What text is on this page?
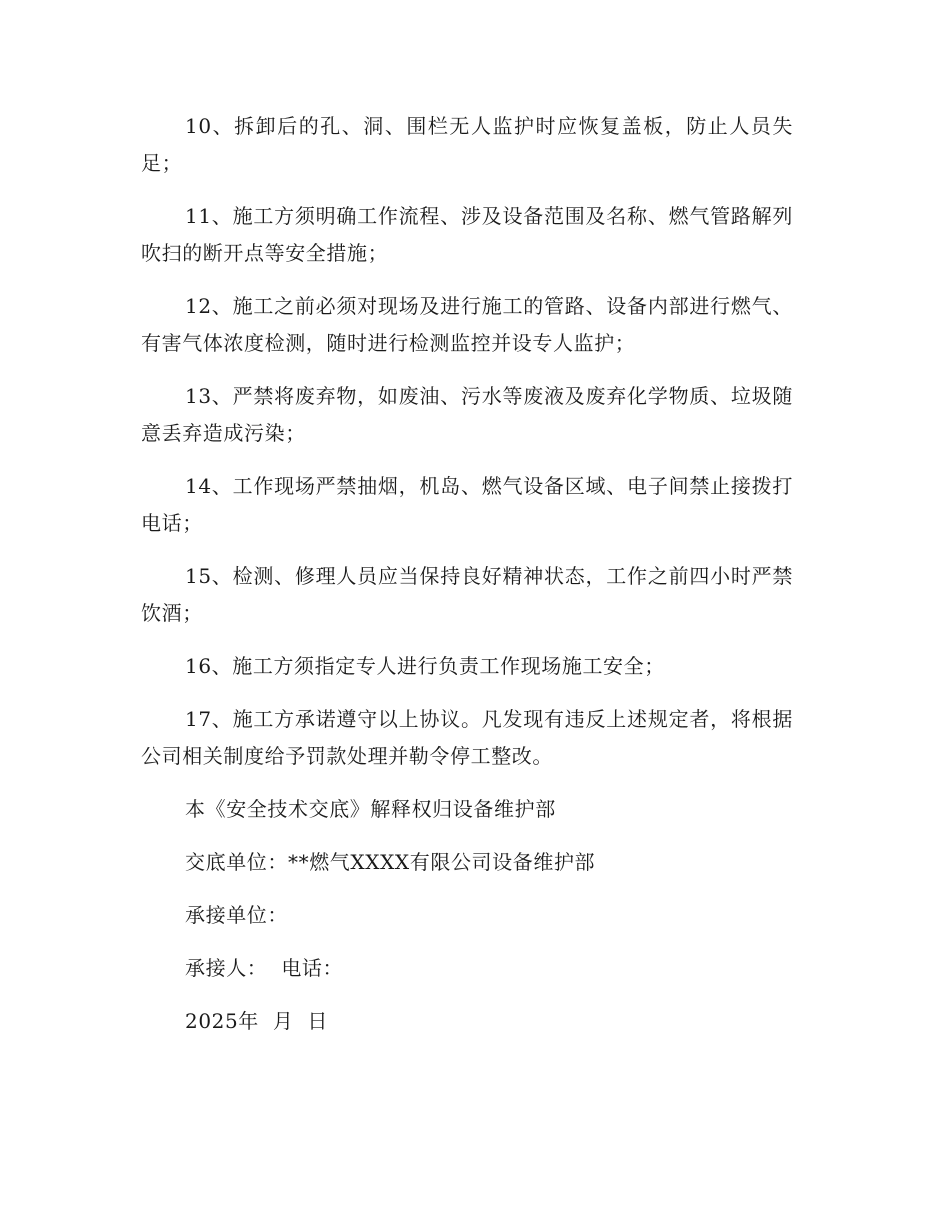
10、拆卸后的孔、洞、围栏无人监护时应恢复盖板，防止人员失足；

11、施工方须明确工作流程、涉及设备范围及名称、燃气管路解列吹扫的断开点等安全措施；

12、施工之前必须对现场及进行施工的管路、设备内部进行燃气、有害气体浓度检测，随时进行检测监控并设专人监护；

13、严禁将废弃物，如废油、污水等废液及废弃化学物质、垃圾随意丢弃造成污染；

14、工作现场严禁抽烟，机岛、燃气设备区域、电子间禁止接拨打电话；

15、检测、修理人员应当保持良好精神状态，工作之前四小时严禁饮酒；

16、施工方须指定专人进行负责工作现场施工安全；

17、施工方承诺遵守以上协议。凡发现有违反上述规定者，将根据公司相关制度给予罚款处理并勒令停工整改。

本《安全技术交底》解释权归设备维护部

交底单位：**燃气XXXX有限公司设备维护部

承接单位：

承接人：  电话：

2025年  月  日
